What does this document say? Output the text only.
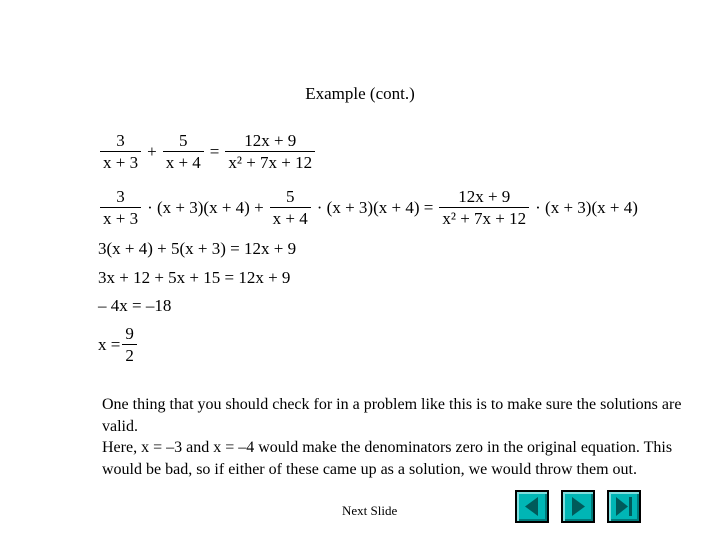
Example (cont.)
$\frac{3}{x + 3} + \frac{5}{x + 4} = \frac{12x + 9}{\text{x² + 7x + 12}}$
$\frac{3}{x + 3} \cdot (x + 3)(x + 4) + \frac{5}{x + 4} \cdot (x + 3)(x + 4) = \frac{12x + 9}{\text{x² + 7x + 12}} \cdot (x + 3)(x + 4)$
3(x + 4) + 5(x + 3) = 12x + 9
3x + 12 + 5x + 15 = 12x + 9
– 4x = –18
$x = \frac{9}{2}$

One thing that you should check for in a problem like this is to make sure the solutions are valid.

Here, x = –3 and x = –4 would make the denominators zero in the original equation. This would be bad, so if either of these came up as a solution, we would throw them out.

Next Slide
